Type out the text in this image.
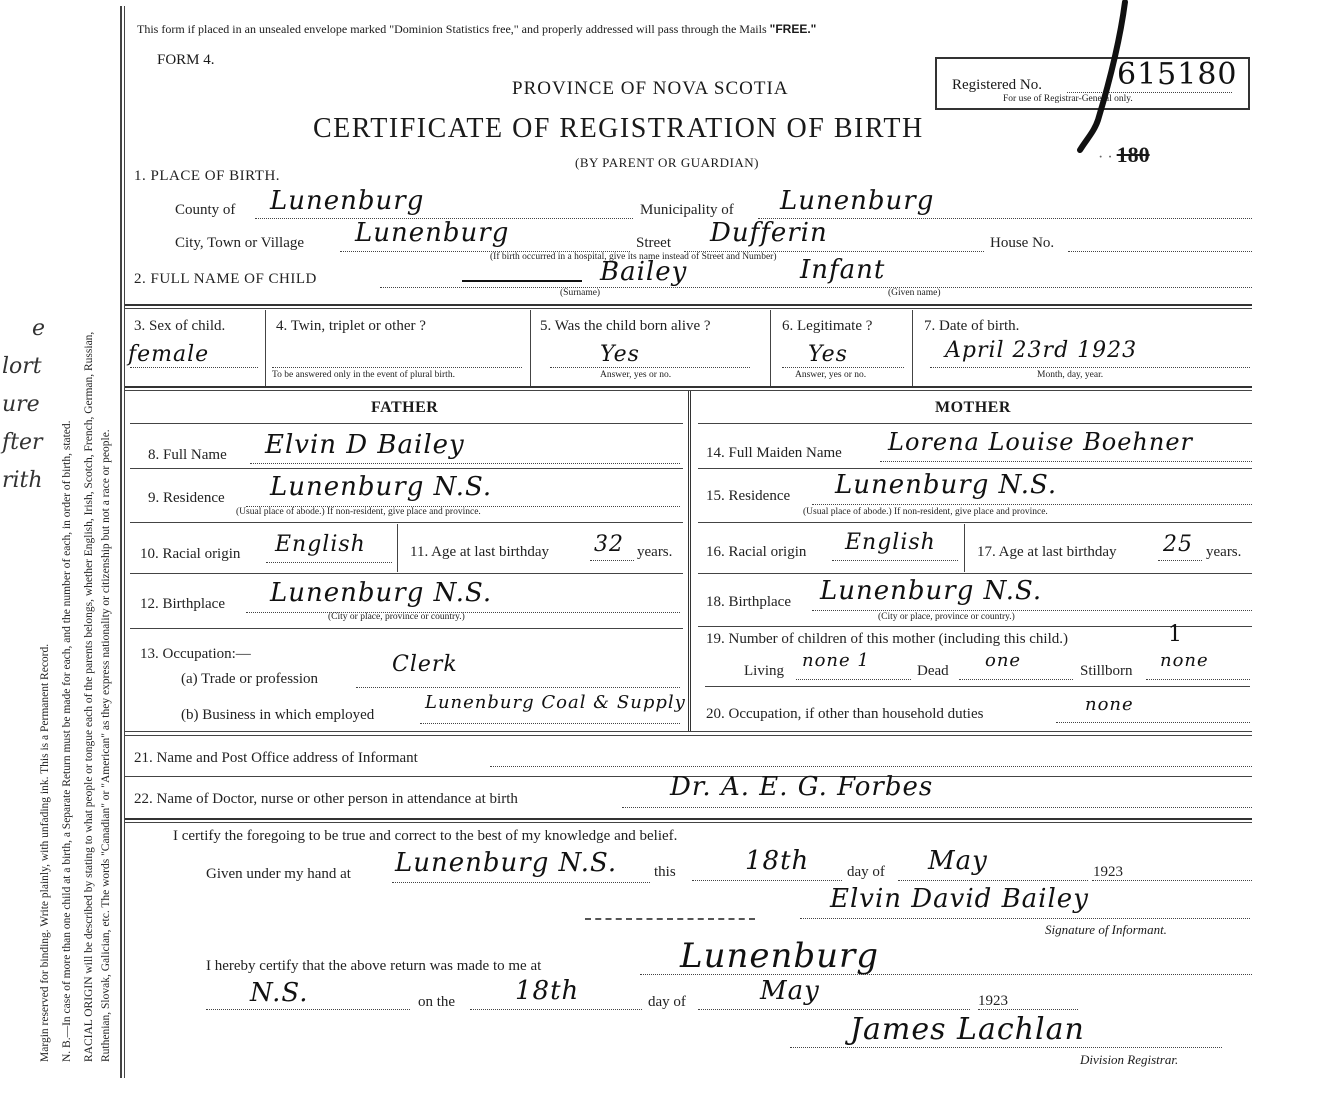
Margin reserved for binding. Write plainly, with unfading ink. This is a Permanent Record. N. B.—In case of more than one child at a birth, a Separate Return must be made for each, and the number of each, in order of birth, stated. RACIAL ORIGIN will be described by stating to what people or tongue each of the parents belongs, whether English, Irish, Scotch, French, German, Russian, Ruthenian, Slovak, Galician, etc. The words "Canadian" or "American" as they express nationality or citizenship but not a race or people.
e
lort
ure
fter
rith
This form if placed in an unsealed envelope marked "Dominion Statistics free," and properly addressed will pass through the Mails "FREE."
FORM 4.
PROVINCE OF NOVA SCOTIA
CERTIFICATE OF REGISTRATION OF BIRTH
(BY PARENT OR GUARDIAN)
Registered No.	615180
For use of Registrar-General only.
· · 180
1. PLACE OF BIRTH.
County of Lunenburg	Municipality of Lunenburg
City, Town or Village Lunenburg	Street Dufferin	House No.
(If birth occurred in a hospital, give its name instead of Street and Number)
2. FULL NAME OF CHILD	Bailey	Infant
(Surname)	(Given name)
3. Sex of child.
female
4. Twin, triplet or other ?
To be answered only in the event of plural birth.
5. Was the child born alive ?
Yes
Answer, yes or no.
6. Legitimate ?
Yes
Answer, yes or no.
7. Date of birth.
April 23rd 1923
Month, day, year.
FATHER	MOTHER
8. Full Name Elvin D Bailey
9. Residence Lunenburg N.S.
(Usual place of abode.) If non-resident, give place and province.
10. Racial origin English	11. Age at last birthday 32 years.
12. Birthplace Lunenburg N.S.
(City or place, province or country.)
13. Occupation:—
(a) Trade or profession
Clerk
(b) Business in which employed
Lunenburg Coal & Supply
14. Full Maiden Name Lorena Louise Boehner
15. Residence Lunenburg N.S.
(Usual place of abode.) If non-resident, give place and province.
16. Racial origin English	17. Age at last birthday 25 years.
18. Birthplace Lunenburg N.S.
(City or place, province or country.)
19. Number of children of this mother (including this child.)	1
Living none 1	Dead one	Stillborn none
20. Occupation, if other than household duties	none
21. Name and Post Office address of Informant
22. Name of Doctor, nurse or other person in attendance at birth	Dr. A. E. G. Forbes
I certify the foregoing to be true and correct to the best of my knowledge and belief.
Given under my hand at Lunenburg N.S. this	18th	day of May	1923
Elvin David Bailey
Signature of Informant.
I hereby certify that the above return was made to me at	Lunenburg
N.S.	on the 18th	day of	May	1923
James Lachlan
Division Registrar.
